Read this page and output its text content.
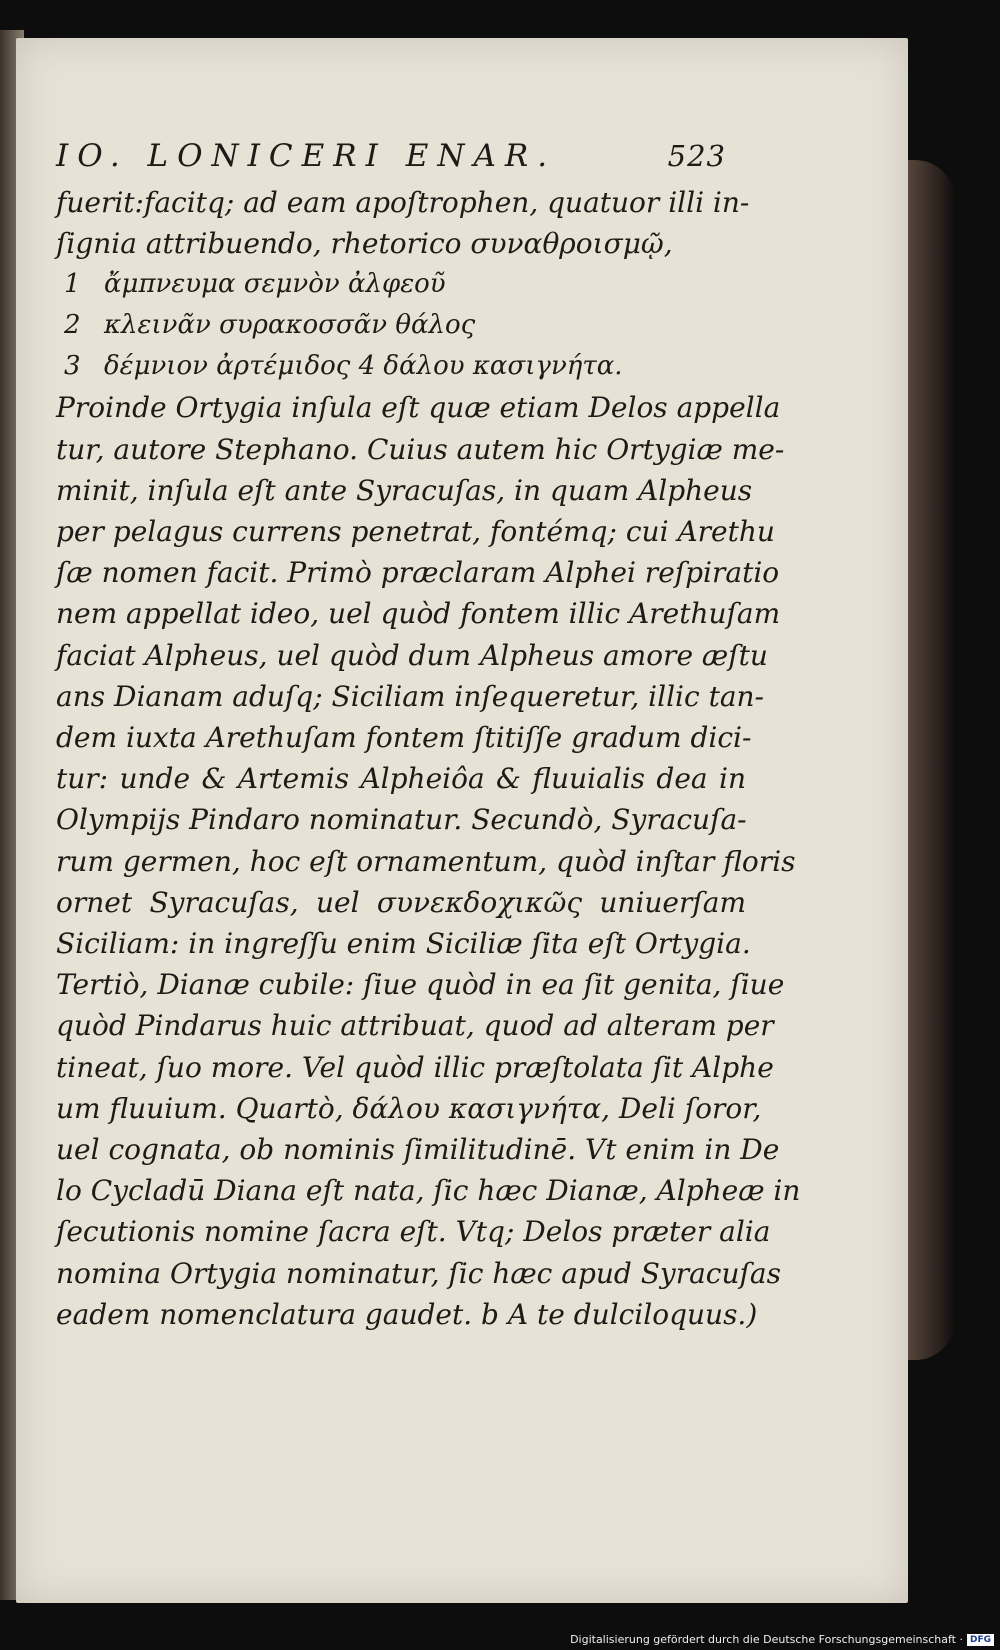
IO. LONICERI ENAR.	523
fuerit:facitq; ad eam apoſtrophen, quatuor illi in-
ſignia attribuendo, rhetorico συναθροισμῷ,
1 ἄμπνευμα σεμνὸν ἀλφεοῦ
2 κλεινᾶν συρακοσσᾶν θάλος
3 δέμνιον ἀρτέμιδος 4 δάλου κασιγνήτα.
Proinde Ortygia inſula eſt quæ etiam Delos appella
tur, autore Stephano. Cuius autem hic Ortygiæ me-
minit, inſula eſt ante Syracuſas, in quam Alpheus
per pelagus currens penetrat, fontémq; cui Arethu
ſæ nomen facit. Primò præclaram Alphei reſpiratio
nem appellat ideo, uel quòd fontem illic Arethuſam
faciat Alpheus, uel quòd dum Alpheus amore æſtu
ans Dianam aduſq; Siciliam inſequeretur, illic tan-
dem iuxta Arethuſam fontem ſtitiſſe gradum dici-
tur: unde & Artemis Alpheiôa & fluuialis dea in
Olympijs Pindaro nominatur. Secundò, Syracuſa-
rum germen, hoc eſt ornamentum, quòd inſtar floris
ornet Syracuſas, uel συνεκδοχικῶς uniuerſam
Siciliam: in ingreſſu enim Siciliæ ſita eſt Ortygia.
Tertiò, Dianæ cubile: ſiue quòd in ea ſit genita, ſiue
quòd Pindarus huic attribuat, quod ad alteram per
tineat, ſuo more. Vel quòd illic præſtolata ſit Alphe
um fluuium. Quartò, δάλου κασιγνήτα, Deli ſoror,
uel cognata, ob nominis ſimilitudinē. Vt enim in De
lo Cycladū Diana eſt nata, ſic hæc Dianæ, Alpheæ in
ſecutionis nomine ſacra eſt. Vtq; Delos præter alia
nomina Ortygia nominatur, ſic hæc apud Syracuſas
eadem nomenclatura gaudet. b A te dulciloquus.)
Digitalisierung gefördert durch die Deutsche Forschungsgemeinschaft · DFG
